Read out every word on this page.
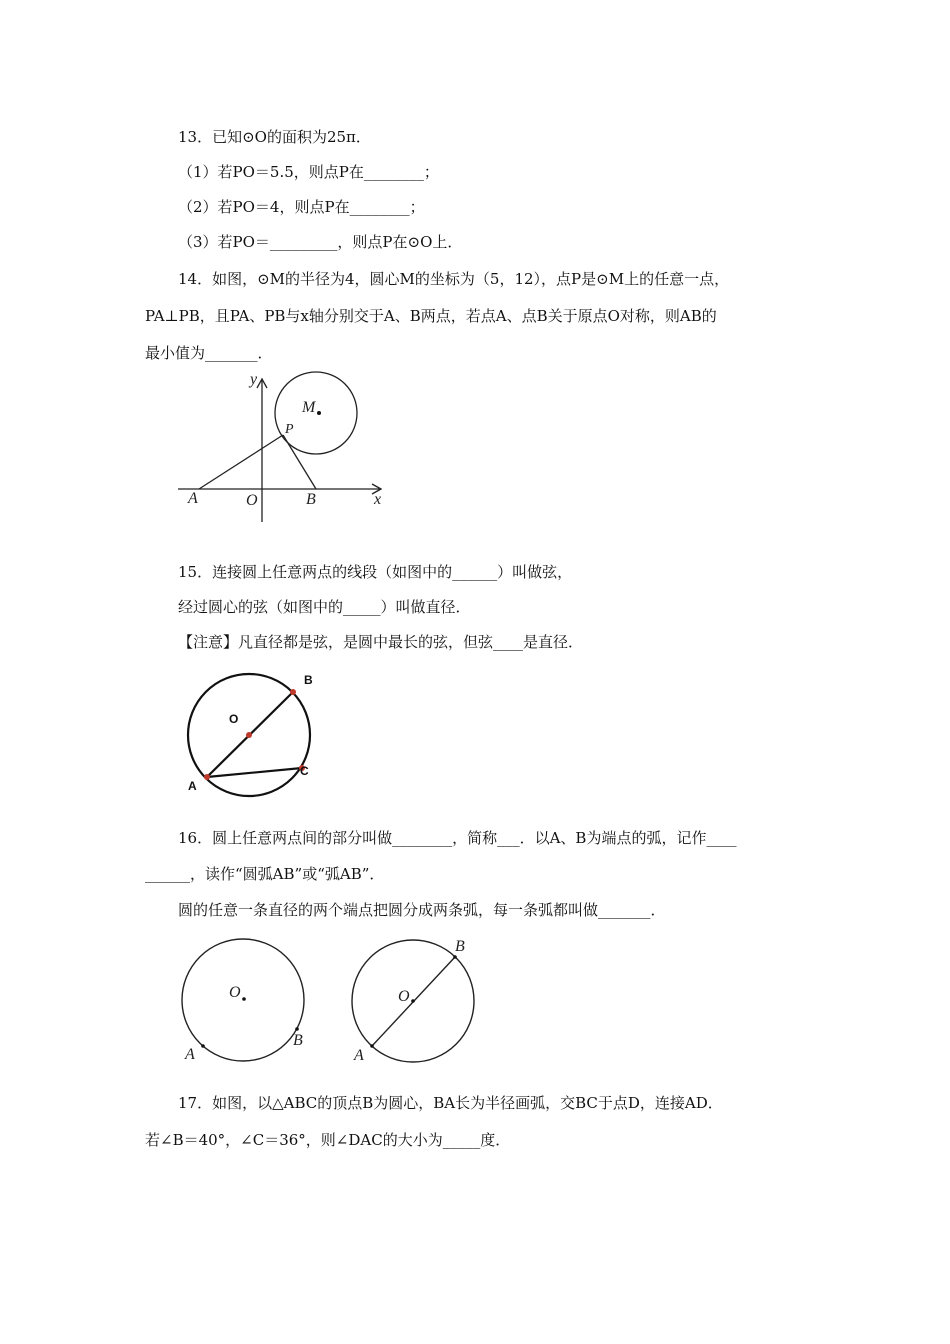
13．已知⊙O的面积为25π．
（1）若PO＝5.5，则点P在________；
（2）若PO＝4，则点P在________；
（3）若PO＝_________，则点P在⊙O上．
14．如图，⊙M的半径为4，圆心M的坐标为（5，12），点P是⊙M上的任意一点，
PA⊥PB，且PA、PB与x轴分别交于A、B两点，若点A、点B关于原点O对称，则AB的
最小值为_______．
y
x
M
P
A	O	B
15．连接圆上任意两点的线段（如图中的______）叫做弦，
经过圆心的弦（如图中的_____）叫做直径．
【注意】凡直径都是弦，是圆中最长的弦，但弦____是直径．
O
A
B
C
16．圆上任意两点间的部分叫做________，简称___．以A、B为端点的弧，记作____
______，读作“圆弧AB”或“弧AB”．
圆的任意一条直径的两个端点把圆分成两条弧，每一条弧都叫做_______．
O
A
B
O
A
B
17．如图，以△ABC的顶点B为圆心，BA长为半径画弧，交BC于点D，连接AD．
若∠B＝40°，∠C＝36°，则∠DAC的大小为_____度．
